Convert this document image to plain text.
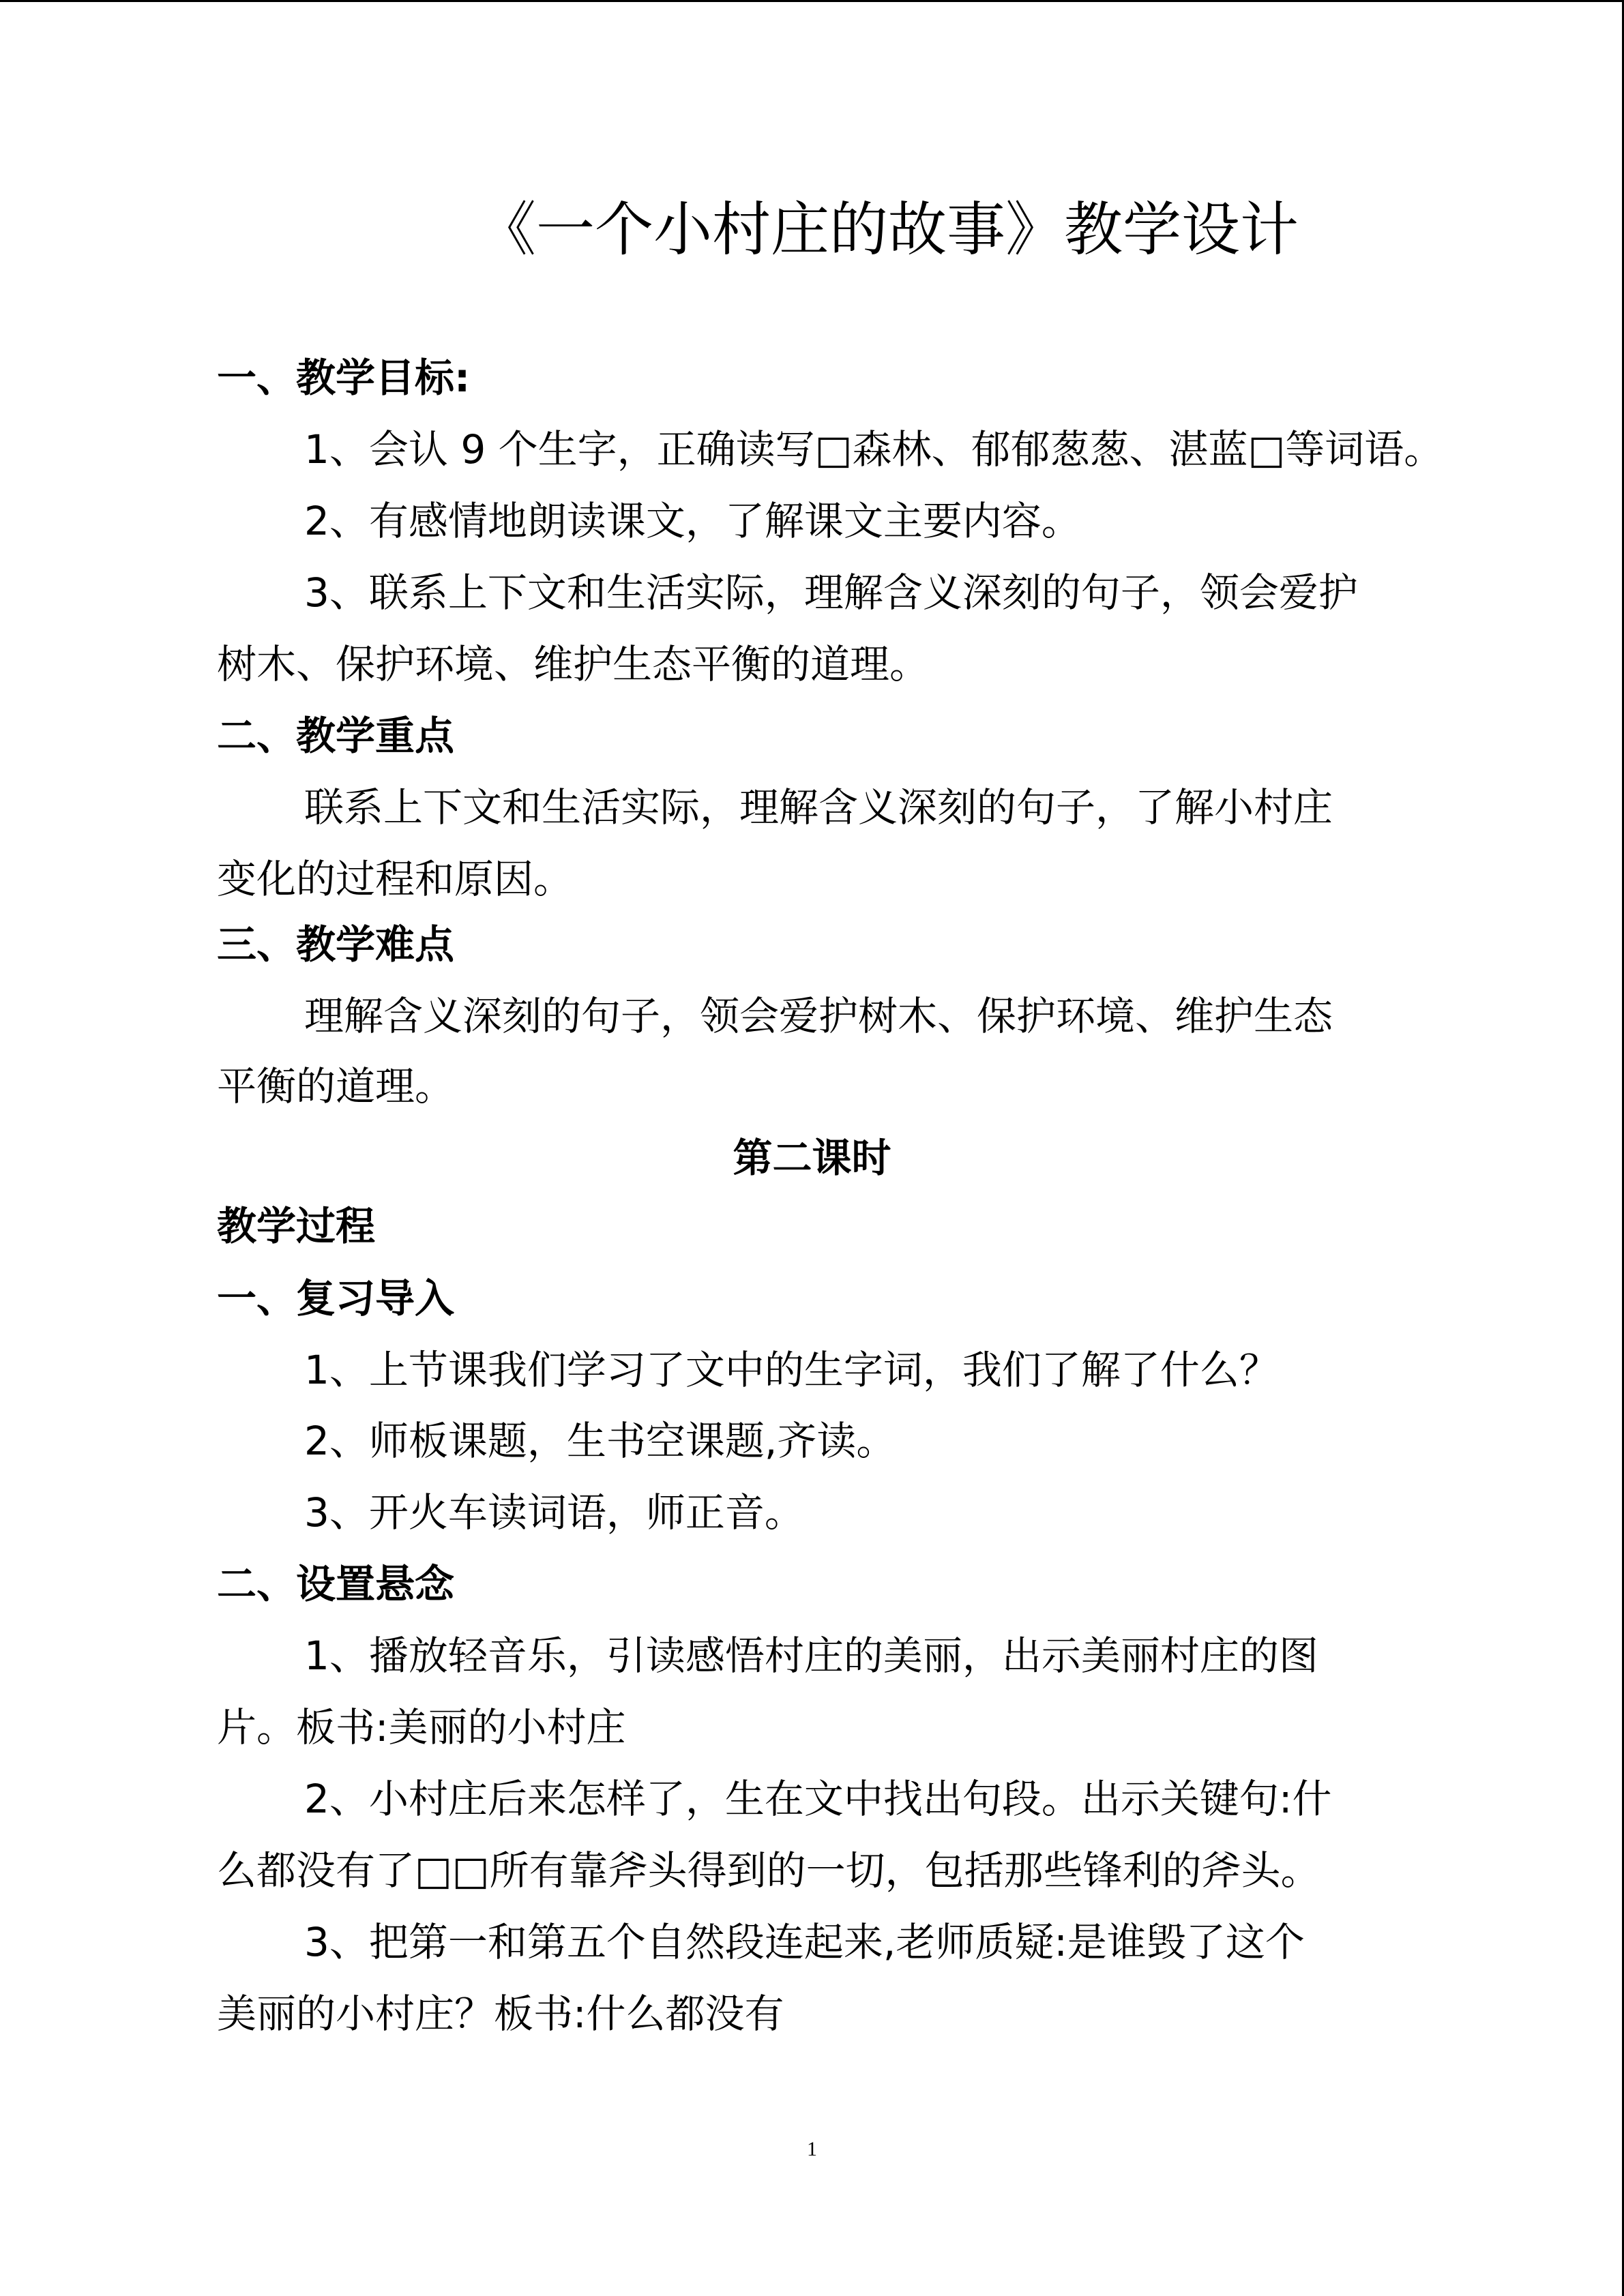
《一个小村庄的故事》教学设计
一、教学目标:
1、会认 9 个生字，正确读写□森林、郁郁葱葱、湛蓝□等词语。
2、有感情地朗读课文，了解课文主要内容。
3、联系上下文和生活实际，理解含义深刻的句子，领会爱护
树木、保护环境、维护生态平衡的道理。
二、教学重点
联系上下文和生活实际，理解含义深刻的句子，了解小村庄
变化的过程和原因。
三、教学难点
理解含义深刻的句子，领会爱护树木、保护环境、维护生态
平衡的道理。
第二课时
教学过程
一、复习导入
1、上节课我们学习了文中的生字词，我们了解了什么？
2、师板课题，生书空课题,齐读。
3、开火车读词语，师正音。
二、设置悬念
1、播放轻音乐，引读感悟村庄的美丽，出示美丽村庄的图
片。板书:美丽的小村庄
2、小村庄后来怎样了，生在文中找出句段。出示关键句:什
么都没有了□□所有靠斧头得到的一切，包括那些锋利的斧头。
3、把第一和第五个自然段连起来,老师质疑:是谁毁了这个
美丽的小村庄？板书:什么都没有
1
